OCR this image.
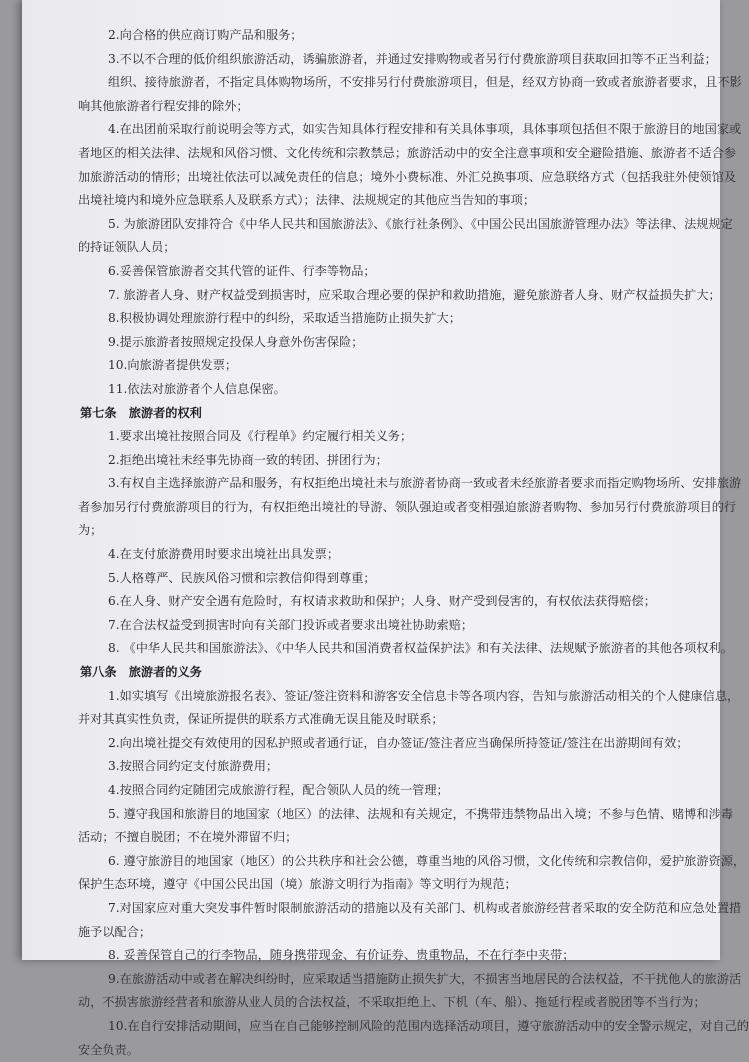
2.向合格的供应商订购产品和服务；
3.不以不合理的低价组织旅游活动，诱骗旅游者，并通过安排购物或者另行付费旅游项目获取回扣等不正当利益；
组织、接待旅游者，不指定具体购物场所，不安排另行付费旅游项目，但是，经双方协商一致或者旅游者要求，且不影
响其他旅游者行程安排的除外；
4.在出团前采取行前说明会等方式，如实告知具体行程安排和有关具体事项，具体事项包括但不限于旅游目的地国家或
者地区的相关法律、法规和风俗习惯、文化传统和宗教禁忌；旅游活动中的安全注意事项和安全避险措施、旅游者不适合参
加旅游活动的情形；出境社依法可以减免责任的信息；境外小费标准、外汇兑换事项、应急联络方式（包括我驻外使领馆及
出境社境内和境外应急联系人及联系方式）；法律、法规规定的其他应当告知的事项；
5. 为旅游团队安排符合《中华人民共和国旅游法》、《旅行社条例》、《中国公民出国旅游管理办法》等法律、法规规定
的持证领队人员；
6.妥善保管旅游者交其代管的证件、行李等物品；
7. 旅游者人身、财产权益受到损害时，应采取合理必要的保护和救助措施，避免旅游者人身、财产权益损失扩大；
8.积极协调处理旅游行程中的纠纷，采取适当措施防止损失扩大；
9.提示旅游者按照规定投保人身意外伤害保险；
10.向旅游者提供发票；
11.依法对旅游者个人信息保密。
第七条　旅游者的权利
1.要求出境社按照合同及《行程单》约定履行相关义务；
2.拒绝出境社未经事先协商一致的转团、拼团行为；
3.有权自主选择旅游产品和服务，有权拒绝出境社未与旅游者协商一致或者未经旅游者要求而指定购物场所、安排旅游
者参加另行付费旅游项目的行为，有权拒绝出境社的导游、领队强迫或者变相强迫旅游者购物、参加另行付费旅游项目的行
为；
4.在支付旅游费用时要求出境社出具发票；
5.人格尊严、民族风俗习惯和宗教信仰得到尊重；
6.在人身、财产安全遇有危险时，有权请求救助和保护；人身、财产受到侵害的，有权依法获得赔偿；
7.在合法权益受到损害时向有关部门投诉或者要求出境社协助索赔；
8. 《中华人民共和国旅游法》、《中华人民共和国消费者权益保护法》和有关法律、法规赋予旅游者的其他各项权利。
第八条　旅游者的义务
1.如实填写《出境旅游报名表》、签证/签注资料和游客安全信息卡等各项内容，告知与旅游活动相关的个人健康信息，
并对其真实性负责，保证所提供的联系方式准确无误且能及时联系；
2.向出境社提交有效使用的因私护照或者通行证，自办签证/签注者应当确保所持签证/签注在出游期间有效；
3.按照合同约定支付旅游费用；
4.按照合同约定随团完成旅游行程，配合领队人员的统一管理；
5. 遵守我国和旅游目的地国家（地区）的法律、法规和有关规定，不携带违禁物品出入境；不参与色情、赌博和涉毒
活动；不擅自脱团；不在境外滞留不归；
6. 遵守旅游目的地国家（地区）的公共秩序和社会公德，尊重当地的风俗习惯，文化传统和宗教信仰，爱护旅游资源，
保护生态环境，遵守《中国公民出国（境）旅游文明行为指南》等文明行为规范；
7.对国家应对重大突发事件暂时限制旅游活动的措施以及有关部门、机构或者旅游经营者采取的安全防范和应急处置措
施予以配合；
8. 妥善保管自己的行李物品，随身携带现金、有价证券、贵重物品，不在行李中夹带；
9.在旅游活动中或者在解决纠纷时，应采取适当措施防止损失扩大，不损害当地居民的合法权益，不干扰他人的旅游活
动，不损害旅游经营者和旅游从业人员的合法权益，不采取拒绝上、下机（车、船）、拖延行程或者脱团等不当行为；
10.在自行安排活动期间，应当在自己能够控制风险的范围内选择活动项目，遵守旅游活动中的安全警示规定，对自己的
安全负责。
